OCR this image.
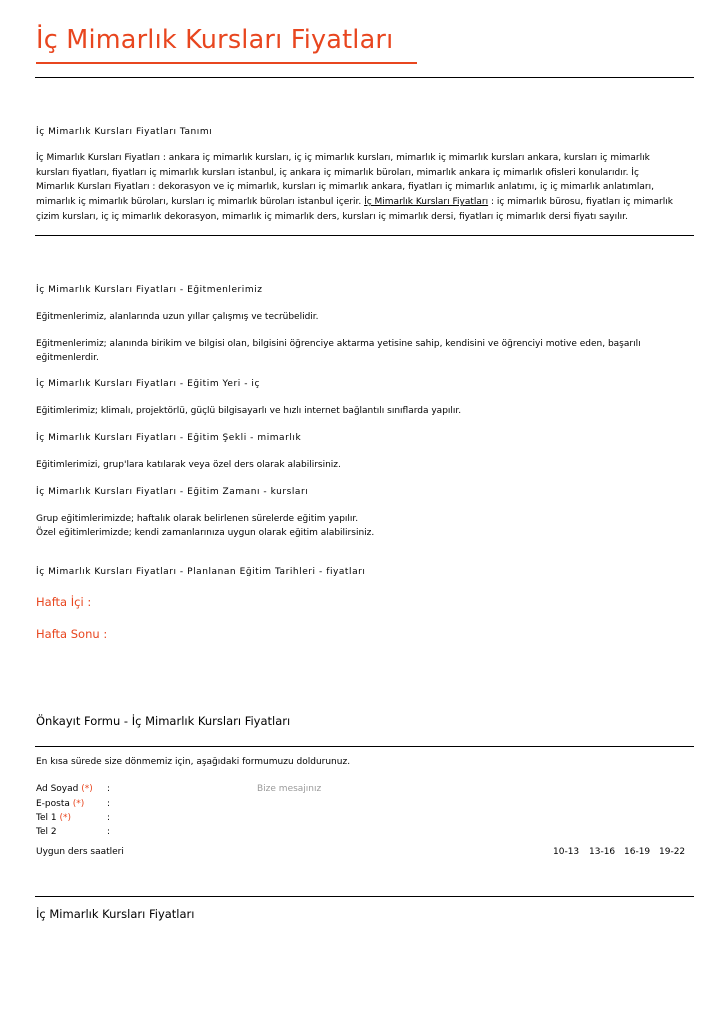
İç Mimarlık Kursları Fiyatları
İç Mimarlık Kursları Fiyatları Tanımı
İç Mimarlık Kursları Fiyatları : ankara iç mimarlık kursları, iç iç mimarlık kursları, mimarlık iç mimarlık kursları ankara, kursları iç mimarlık
kursları fiyatları, fiyatları iç mimarlık kursları istanbul, iç ankara iç mimarlık büroları, mimarlık ankara iç mimarlık ofisleri konularıdır. İç
Mimarlık Kursları Fiyatları : dekorasyon ve iç mimarlık, kursları iç mimarlık ankara, fiyatları iç mimarlık anlatımı, iç iç mimarlık anlatımları,
mimarlık iç mimarlık büroları, kursları iç mimarlık büroları istanbul içerir. İç Mimarlık Kursları Fiyatları : iç mimarlık bürosu, fiyatları iç mimarlık
çizim kursları, iç iç mimarlık dekorasyon, mimarlık iç mimarlık ders, kursları iç mimarlık dersi, fiyatları iç mimarlık dersi fiyatı sayılır.
İç Mimarlık Kursları Fiyatları - Eğitmenlerimiz
Eğitmenlerimiz, alanlarında uzun yıllar çalışmış ve tecrübelidir.
Eğitmenlerimiz; alanında birikim ve bilgisi olan, bilgisini öğrenciye aktarma yetisine sahip, kendisini ve öğrenciyi motive eden, başarılı
eğitmenlerdir.
İç Mimarlık Kursları Fiyatları - Eğitim Yeri - iç
Eğitimlerimiz; klimalı, projektörlü, güçlü bilgisayarlı ve hızlı internet bağlantılı sınıflarda yapılır.
İç Mimarlık Kursları Fiyatları - Eğitim Şekli - mimarlık
Eğitimlerimizi, grup'lara katılarak veya özel ders olarak alabilirsiniz.
İç Mimarlık Kursları Fiyatları - Eğitim Zamanı - kursları
Grup eğitimlerimizde; haftalık olarak belirlenen sürelerde eğitim yapılır.
Özel eğitimlerimizde; kendi zamanlarınıza uygun olarak eğitim alabilirsiniz.
İç Mimarlık Kursları Fiyatları - Planlanan Eğitim Tarihleri - fiyatları
Hafta İçi :
Hafta Sonu :
Önkayıt Formu - İç Mimarlık Kursları Fiyatları
En kısa sürede size dönmemiz için, aşağıdaki formumuzu doldurunuz.
Ad Soyad (*) :
E-posta (*)	:
Tel 1 (*)	:
Tel 2	:
Bize mesajınız
Uygun ders saatleri	10-13 13-16 16-19 19-22
İç Mimarlık Kursları Fiyatları
